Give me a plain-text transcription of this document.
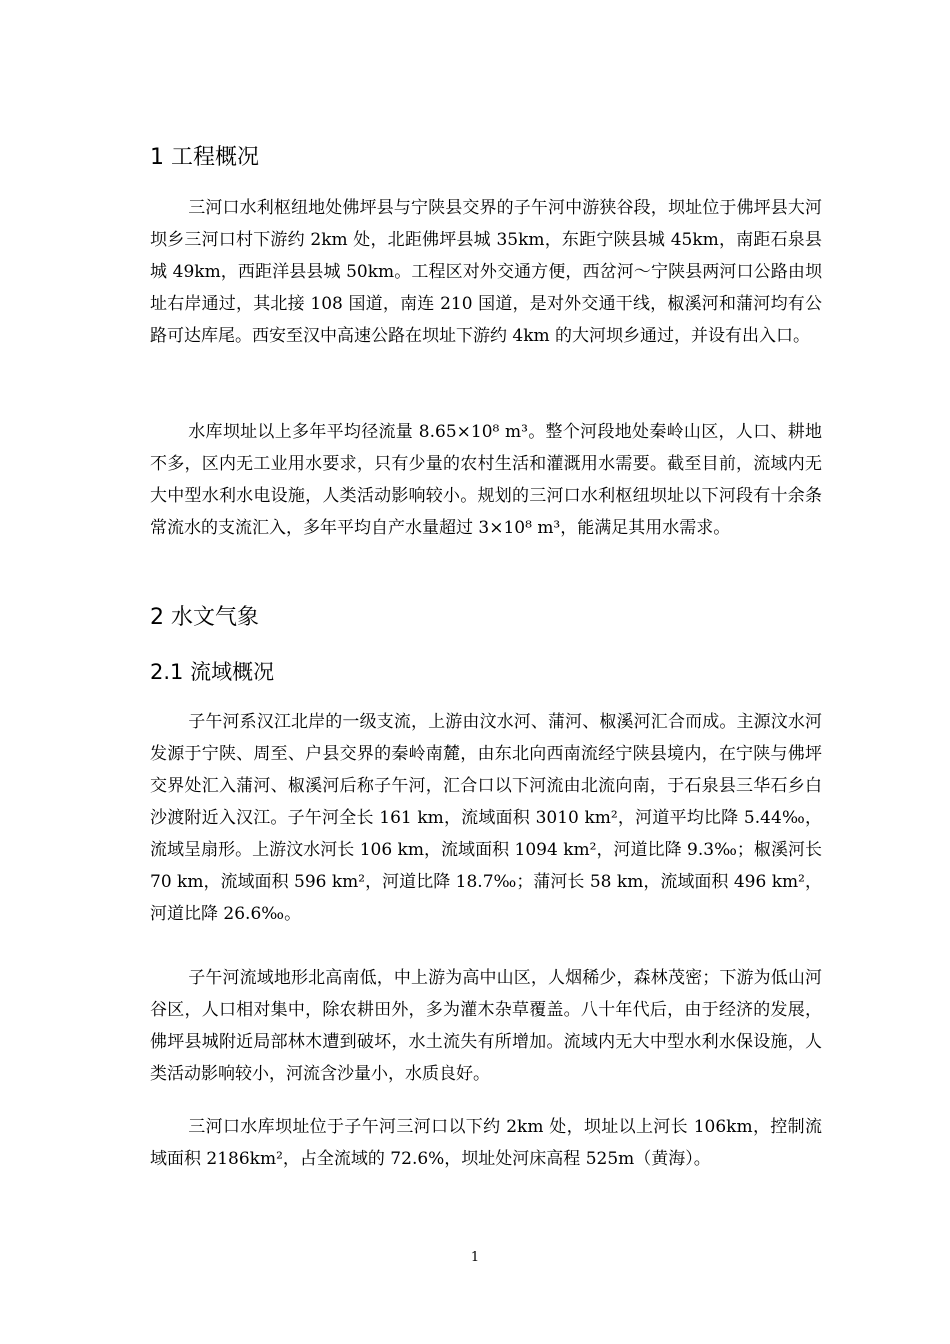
1 工程概况

三河口水利枢纽地处佛坪县与宁陕县交界的子午河中游狭谷段，坝址位于佛坪县大河坝乡三河口村下游约 2km 处，北距佛坪县城 35km，东距宁陕县城 45km，南距石泉县城 49km，西距洋县县城 50km。工程区对外交通方便，西岔河～宁陕县两河口公路由坝址右岸通过，其北接 108 国道，南连 210 国道，是对外交通干线，椒溪河和蒲河均有公路可达库尾。西安至汉中高速公路在坝址下游约 4km 的大河坝乡通过，并设有出入口。

水库坝址以上多年平均径流量 8.65×10⁸ m³。整个河段地处秦岭山区，人口、耕地不多，区内无工业用水要求，只有少量的农村生活和灌溉用水需要。截至目前，流域内无大中型水利水电设施，人类活动影响较小。规划的三河口水利枢纽坝址以下河段有十余条常流水的支流汇入，多年平均自产水量超过 3×10⁸ m³，能满足其用水需求。

2 水文气象
2.1 流域概况

子午河系汉江北岸的一级支流，上游由汶水河、蒲河、椒溪河汇合而成。主源汶水河发源于宁陕、周至、户县交界的秦岭南麓，由东北向西南流经宁陕县境内，在宁陕与佛坪交界处汇入蒲河、椒溪河后称子午河，汇合口以下河流由北流向南，于石泉县三华石乡白沙渡附近入汉江。子午河全长 161 km，流域面积 3010 km²，河道平均比降 5.44‰，流域呈扇形。上游汶水河长 106 km，流域面积 1094 km²，河道比降 9.3‰；椒溪河长 70 km，流域面积 596 km²，河道比降 18.7‰；蒲河长 58 km，流域面积 496 km²，河道比降 26.6‰。

子午河流域地形北高南低，中上游为高中山区，人烟稀少，森林茂密；下游为低山河谷区，人口相对集中，除农耕田外，多为灌木杂草覆盖。八十年代后，由于经济的发展，佛坪县城附近局部林木遭到破坏，水土流失有所增加。流域内无大中型水利水保设施，人类活动影响较小，河流含沙量小，水质良好。

三河口水库坝址位于子午河三河口以下约 2km 处，坝址以上河长 106km，控制流域面积 2186km²，占全流域的 72.6%，坝址处河床高程 525m（黄海）。

1
